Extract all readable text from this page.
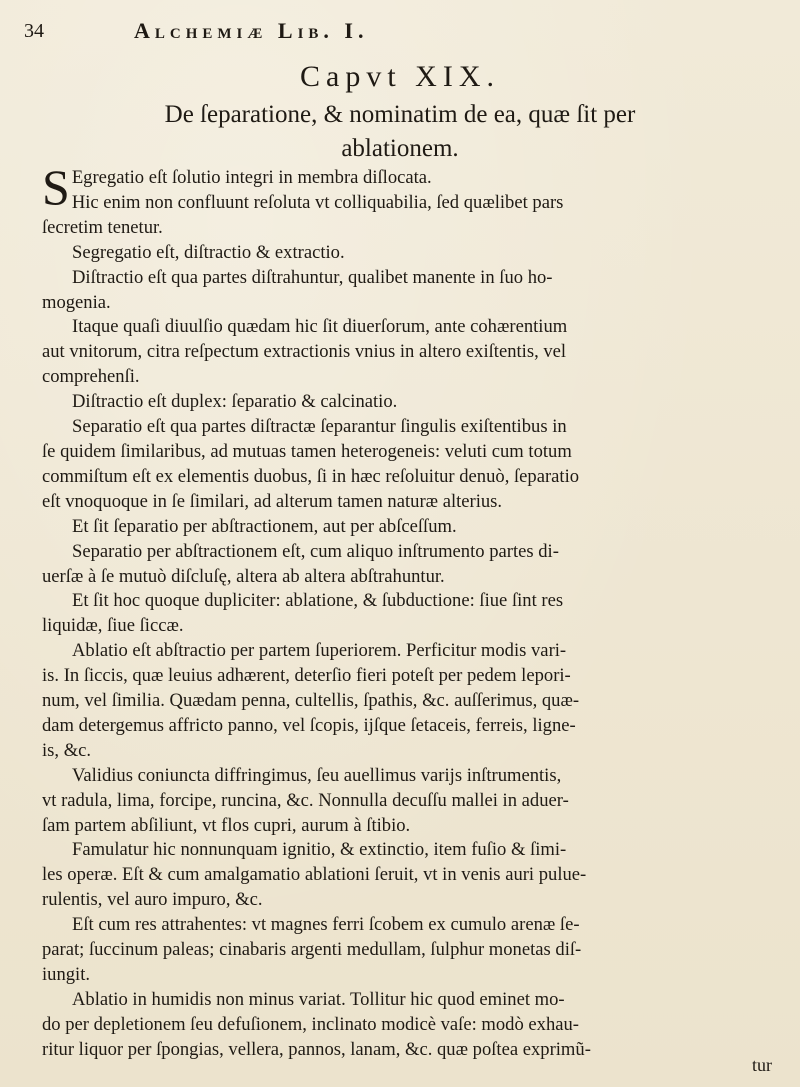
34	Alchemiæ Lib. I.
Capvt XIX.
De ſeparatione, & nominatim de ea, quæ ſit per
ablationem.
S Egregatio eſt ſolutio integri in membra diſlocata.
Hic enim non confluunt reſoluta vt colliquabilia, ſed quælibet pars
ſecretim tenetur.
Segregatio eſt, diſtractio & extractio.
Diſtractio eſt qua partes diſtrahuntur, qualibet manente in ſuo ho-
mogenia.
Itaque quaſi diuulſio quædam hic ſit diuerſorum, ante cohærentium
aut vnitorum, citra reſpectum extractionis vnius in altero exiſtentis, vel
comprehenſi.
Diſtractio eſt duplex: ſeparatio & calcinatio.
Separatio eſt qua partes diſtractæ ſeparantur ſingulis exiſtentibus in
ſe quidem ſimilaribus, ad mutuas tamen heterogeneis: veluti cum totum
commiſtum eſt ex elementis duobus, ſi in hæc reſoluitur denuò, ſeparatio
eſt vnoquoque in ſe ſimilari, ad alterum tamen naturæ alterius.
Et ſit ſeparatio per abſtractionem, aut per abſceſſum.
Separatio per abſtractionem eſt, cum aliquo inſtrumento partes di-
uerſæ à ſe mutuò diſcluſę, altera ab altera abſtrahuntur.
Et ſit hoc quoque dupliciter: ablatione, & ſubductione: ſiue ſint res
liquidæ, ſiue ſiccæ.
Ablatio eſt abſtractio per partem ſuperiorem. Perficitur modis vari-
is. In ſiccis, quæ leuius adhærent, deterſio fieri poteſt per pedem lepori-
num, vel ſimilia. Quædam penna, cultellis, ſpathis, &c. auſſerimus, quæ-
dam detergemus affricto panno, vel ſcopis, ijſque ſetaceis, ferreis, ligne-
is, &c.
Validius coniuncta diffringimus, ſeu auellimus varijs inſtrumentis,
vt radula, lima, forcipe, runcina, &c. Nonnulla decuſſu mallei in aduer-
ſam partem abſiliunt, vt flos cupri, aurum à ſtibio.
Famulatur hic nonnunquam ignitio, & extinctio, item fuſio & ſimi-
les operæ. Eſt & cum amalgamatio ablationi ſeruit, vt in venis auri pulue-
rulentis, vel auro impuro, &c.
Eſt cum res attrahentes: vt magnes ferri ſcobem ex cumulo arenæ ſe-
parat; ſuccinum paleas; cinabaris argenti medullam, ſulphur monetas diſ-
iungit.
Ablatio in humidis non minus variat. Tollitur hic quod eminet mo-
do per depletionem ſeu defuſionem, inclinato modicè vaſe: modò exhau-
ritur liquor per ſpongias, vellera, pannos, lanam, &c. quæ poſtea exprimũ-
tur
